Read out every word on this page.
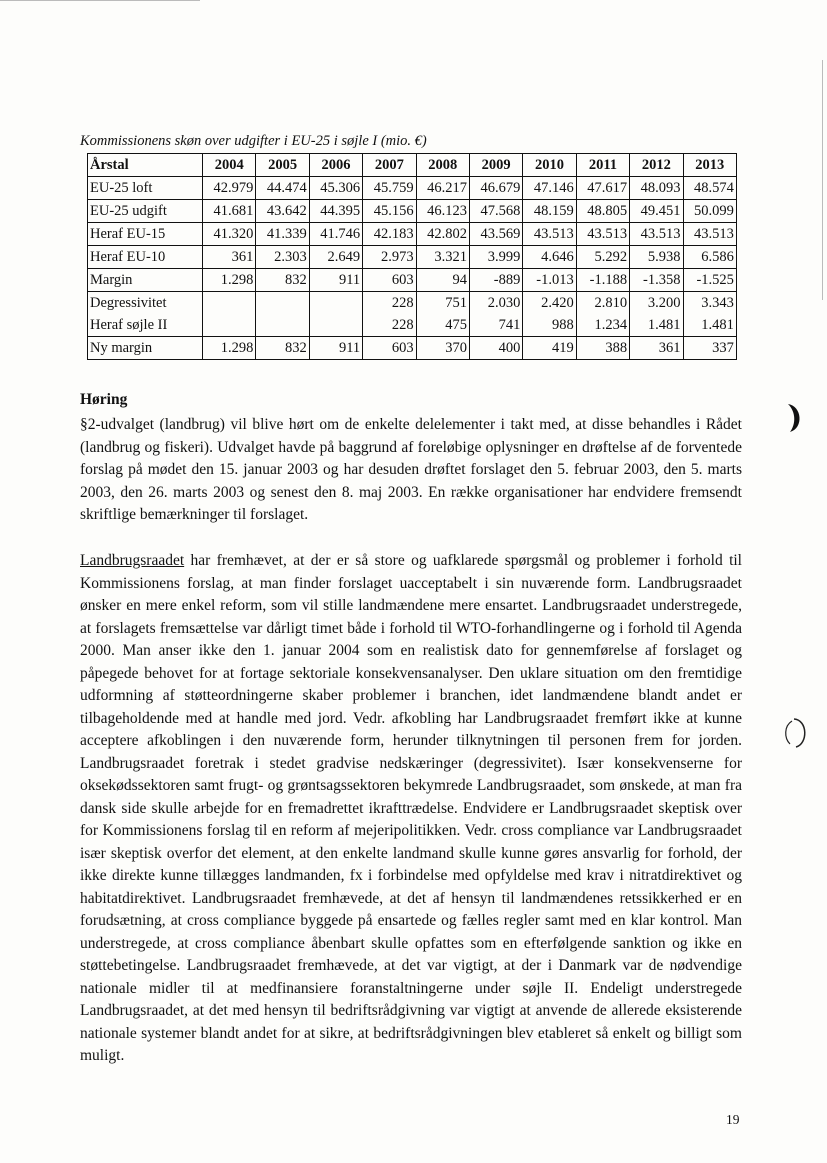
Kommissionens skøn over udgifter i EU-25 i søjle I (mio. €)
Årstal	2004	2005	2006	2007	2008	2009	2010	2011	2012	2013
EU-25 loft	42.979	44.474	45.306	45.759	46.217	46.679	47.146	47.617	48.093	48.574
EU-25 udgift	41.681	43.642	44.395	45.156	46.123	47.568	48.159	48.805	49.451	50.099
Heraf EU-15	41.320	41.339	41.746	42.183	42.802	43.569	43.513	43.513	43.513	43.513
Heraf EU-10	361	2.303	2.649	2.973	3.321	3.999	4.646	5.292	5.938	6.586
Margin	1.298	832	911	603	94	-889	-1.013	-1.188	-1.358	-1.525
Degressivitet				228	751	2.030	2.420	2.810	3.200	3.343
Heraf søjle II				228	475	741	988	1.234	1.481	1.481
Ny margin	1.298	832	911	603	370	400	419	388	361	337
Høring
§2-udvalget (landbrug) vil blive hørt om de enkelte delelementer i takt med, at disse behandles i Rådet (landbrug og fiskeri). Udvalget havde på baggrund af foreløbige oplysninger en drøftelse af de forventede forslag på mødet den 15. januar 2003 og har desuden drøftet forslaget den 5. februar 2003, den 5. marts 2003, den 26. marts 2003 og senest den 8. maj 2003. En række organisationer har endvidere fremsendt skriftlige bemærkninger til forslaget.
Landbrugsraadet har fremhævet, at der er så store og uafklarede spørgsmål og problemer i forhold til Kommissionens forslag, at man finder forslaget uacceptabelt i sin nuværende form. Landbrugsraadet ønsker en mere enkel reform, som vil stille landmændene mere ensartet. Landbrugsraadet understregede, at forslagets fremsættelse var dårligt timet både i forhold til WTO-forhandlingerne og i forhold til Agenda 2000. Man anser ikke den 1. januar 2004 som en realistisk dato for gennemførelse af forslaget og påpegede behovet for at fortage sektoriale konsekvensanalyser. Den uklare situation om den fremtidige udformning af støtteordningerne skaber problemer i branchen, idet landmændene blandt andet er tilbageholdende med at handle med jord. Vedr. afkobling har Landbrugsraadet fremført ikke at kunne acceptere afkoblingen i den nuværende form, herunder tilknytningen til personen frem for jorden. Landbrugsraadet foretrak i stedet gradvise nedskæringer (degressivitet). Især konsekvenserne for oksekødssektoren samt frugt- og grøntsagssektoren bekymrede Landbrugsraadet, som ønskede, at man fra dansk side skulle arbejde for en fremadrettet ikrafttrædelse. Endvidere er Landbrugsraadet skeptisk over for Kommissionens forslag til en reform af mejeripolitikken. Vedr. cross compliance var Landbrugsraadet især skeptisk overfor det element, at den enkelte landmand skulle kunne gøres ansvarlig for forhold, der ikke direkte kunne tillægges landmanden, fx i forbindelse med opfyldelse med krav i nitratdirektivet og habitatdirektivet. Landbrugsraadet fremhævede, at det af hensyn til landmændenes retssikkerhed er en forudsætning, at cross compliance byggede på ensartede og fælles regler samt med en klar kontrol. Man understregede, at cross compliance åbenbart skulle opfattes som en efterfølgende sanktion og ikke en støttebetingelse. Landbrugsraadet fremhævede, at det var vigtigt, at der i Danmark var de nødvendige nationale midler til at medfinansiere foranstaltningerne under søjle II. Endeligt understregede Landbrugsraadet, at det med hensyn til bedriftsrådgivning var vigtigt at anvende de allerede eksisterende nationale systemer blandt andet for at sikre, at bedriftsrådgivningen blev etableret så enkelt og billigt som muligt.
19
